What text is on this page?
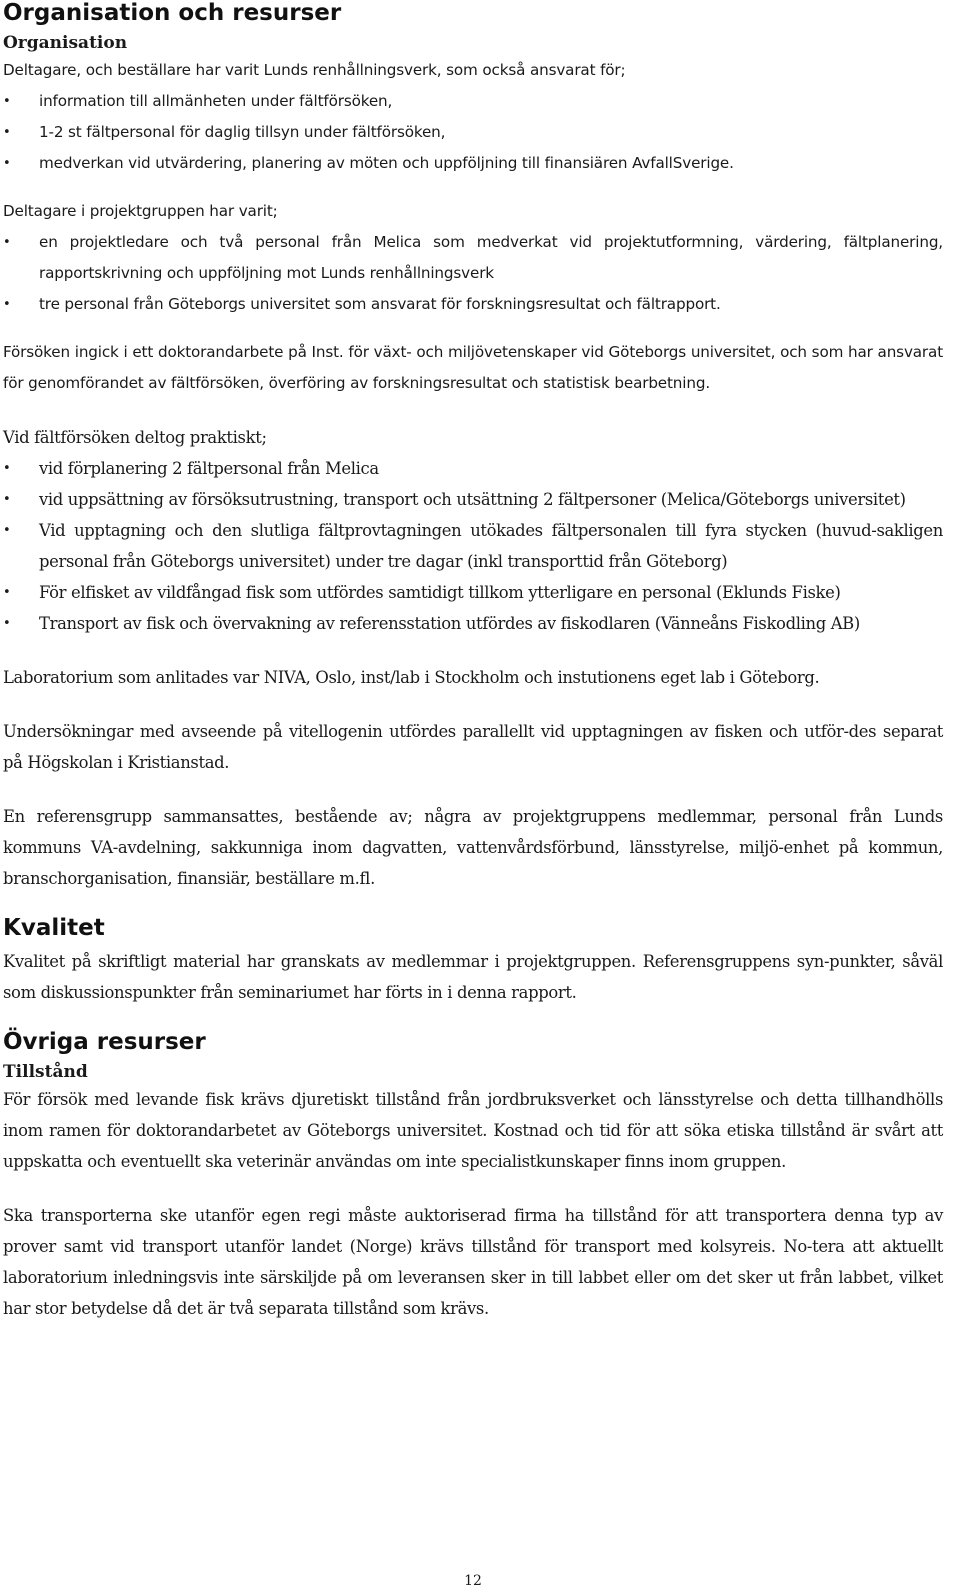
Organisation och resurser
Organisation

Deltagare, och beställare har varit Lunds renhållningsverk, som också ansvarat för;

• information till allmänheten under fältförsöken,
• 1-2 st fältpersonal för daglig tillsyn under fältförsöken,
• medverkan vid utvärdering, planering av möten och uppföljning till finansiären AvfallSverige.

Deltagare i projektgruppen har varit;

• en projektledare och två personal från Melica som medverkat vid projektutformning, värdering, fältplanering, rapportskrivning och uppföljning mot Lunds renhållningsverk
• tre personal från Göteborgs universitet som ansvarat för forskningsresultat och fältrapport.

Försöken ingick i ett doktorandarbete på Inst. för växt- och miljövetenskaper vid Göteborgs universitet, och som har ansvarat för genomförandet av fältförsöken, överföring av forskningsresultat och statistisk bearbetning.

Vid fältförsöken deltog praktiskt;

• vid förplanering 2 fältpersonal från Melica
• vid uppsättning av försöksutrustning, transport och utsättning 2 fältpersoner (Melica/Göteborgs universitet)
• Vid upptagning och den slutliga fältprovtagningen utökades fältpersonalen till fyra stycken (huvud-sakligen personal från Göteborgs universitet) under tre dagar (inkl transporttid från Göteborg)
• För elfisket av vildfångad fisk som utfördes samtidigt tillkom ytterligare en personal (Eklunds Fiske)
• Transport av fisk och övervakning av referensstation utfördes av fiskodlaren (Vänneåns Fiskodling AB)

Laboratorium som anlitades var NIVA, Oslo, inst/lab i Stockholm och instutionens eget lab i Göteborg.

Undersökningar med avseende på vitellogenin utfördes parallellt vid upptagningen av fisken och utför-des separat på Högskolan i Kristianstad.

En referensgrupp sammansattes, bestående av; några av projektgruppens medlemmar, personal från Lunds kommuns VA-avdelning, sakkunniga inom dagvatten, vattenvårdsförbund, länsstyrelse, miljö-enhet på kommun, branschorganisation, finansiär, beställare m.fl.

Kvalitet

Kvalitet på skriftligt material har granskats av medlemmar i projektgruppen. Referensgruppens syn-punkter, såväl som diskussionspunkter från seminariumet har förts in i denna rapport.

Övriga resurser
Tillstånd

För försök med levande fisk krävs djuretiskt tillstånd från jordbruksverket och länsstyrelse och detta tillhandhölls inom ramen för doktorandarbetet av Göteborgs universitet. Kostnad och tid för att söka etiska tillstånd är svårt att uppskatta och eventuellt ska veterinär användas om inte specialistkunskaper finns inom gruppen.

Ska transporterna ske utanför egen regi måste auktoriserad firma ha tillstånd för att transportera denna typ av prover samt vid transport utanför landet (Norge) krävs tillstånd för transport med kolsyreis. No-tera att aktuellt laboratorium inledningsvis inte särskiljde på om leveransen sker in till labbet eller om det sker ut från labbet, vilket har stor betydelse då det är två separata tillstånd som krävs.

12
